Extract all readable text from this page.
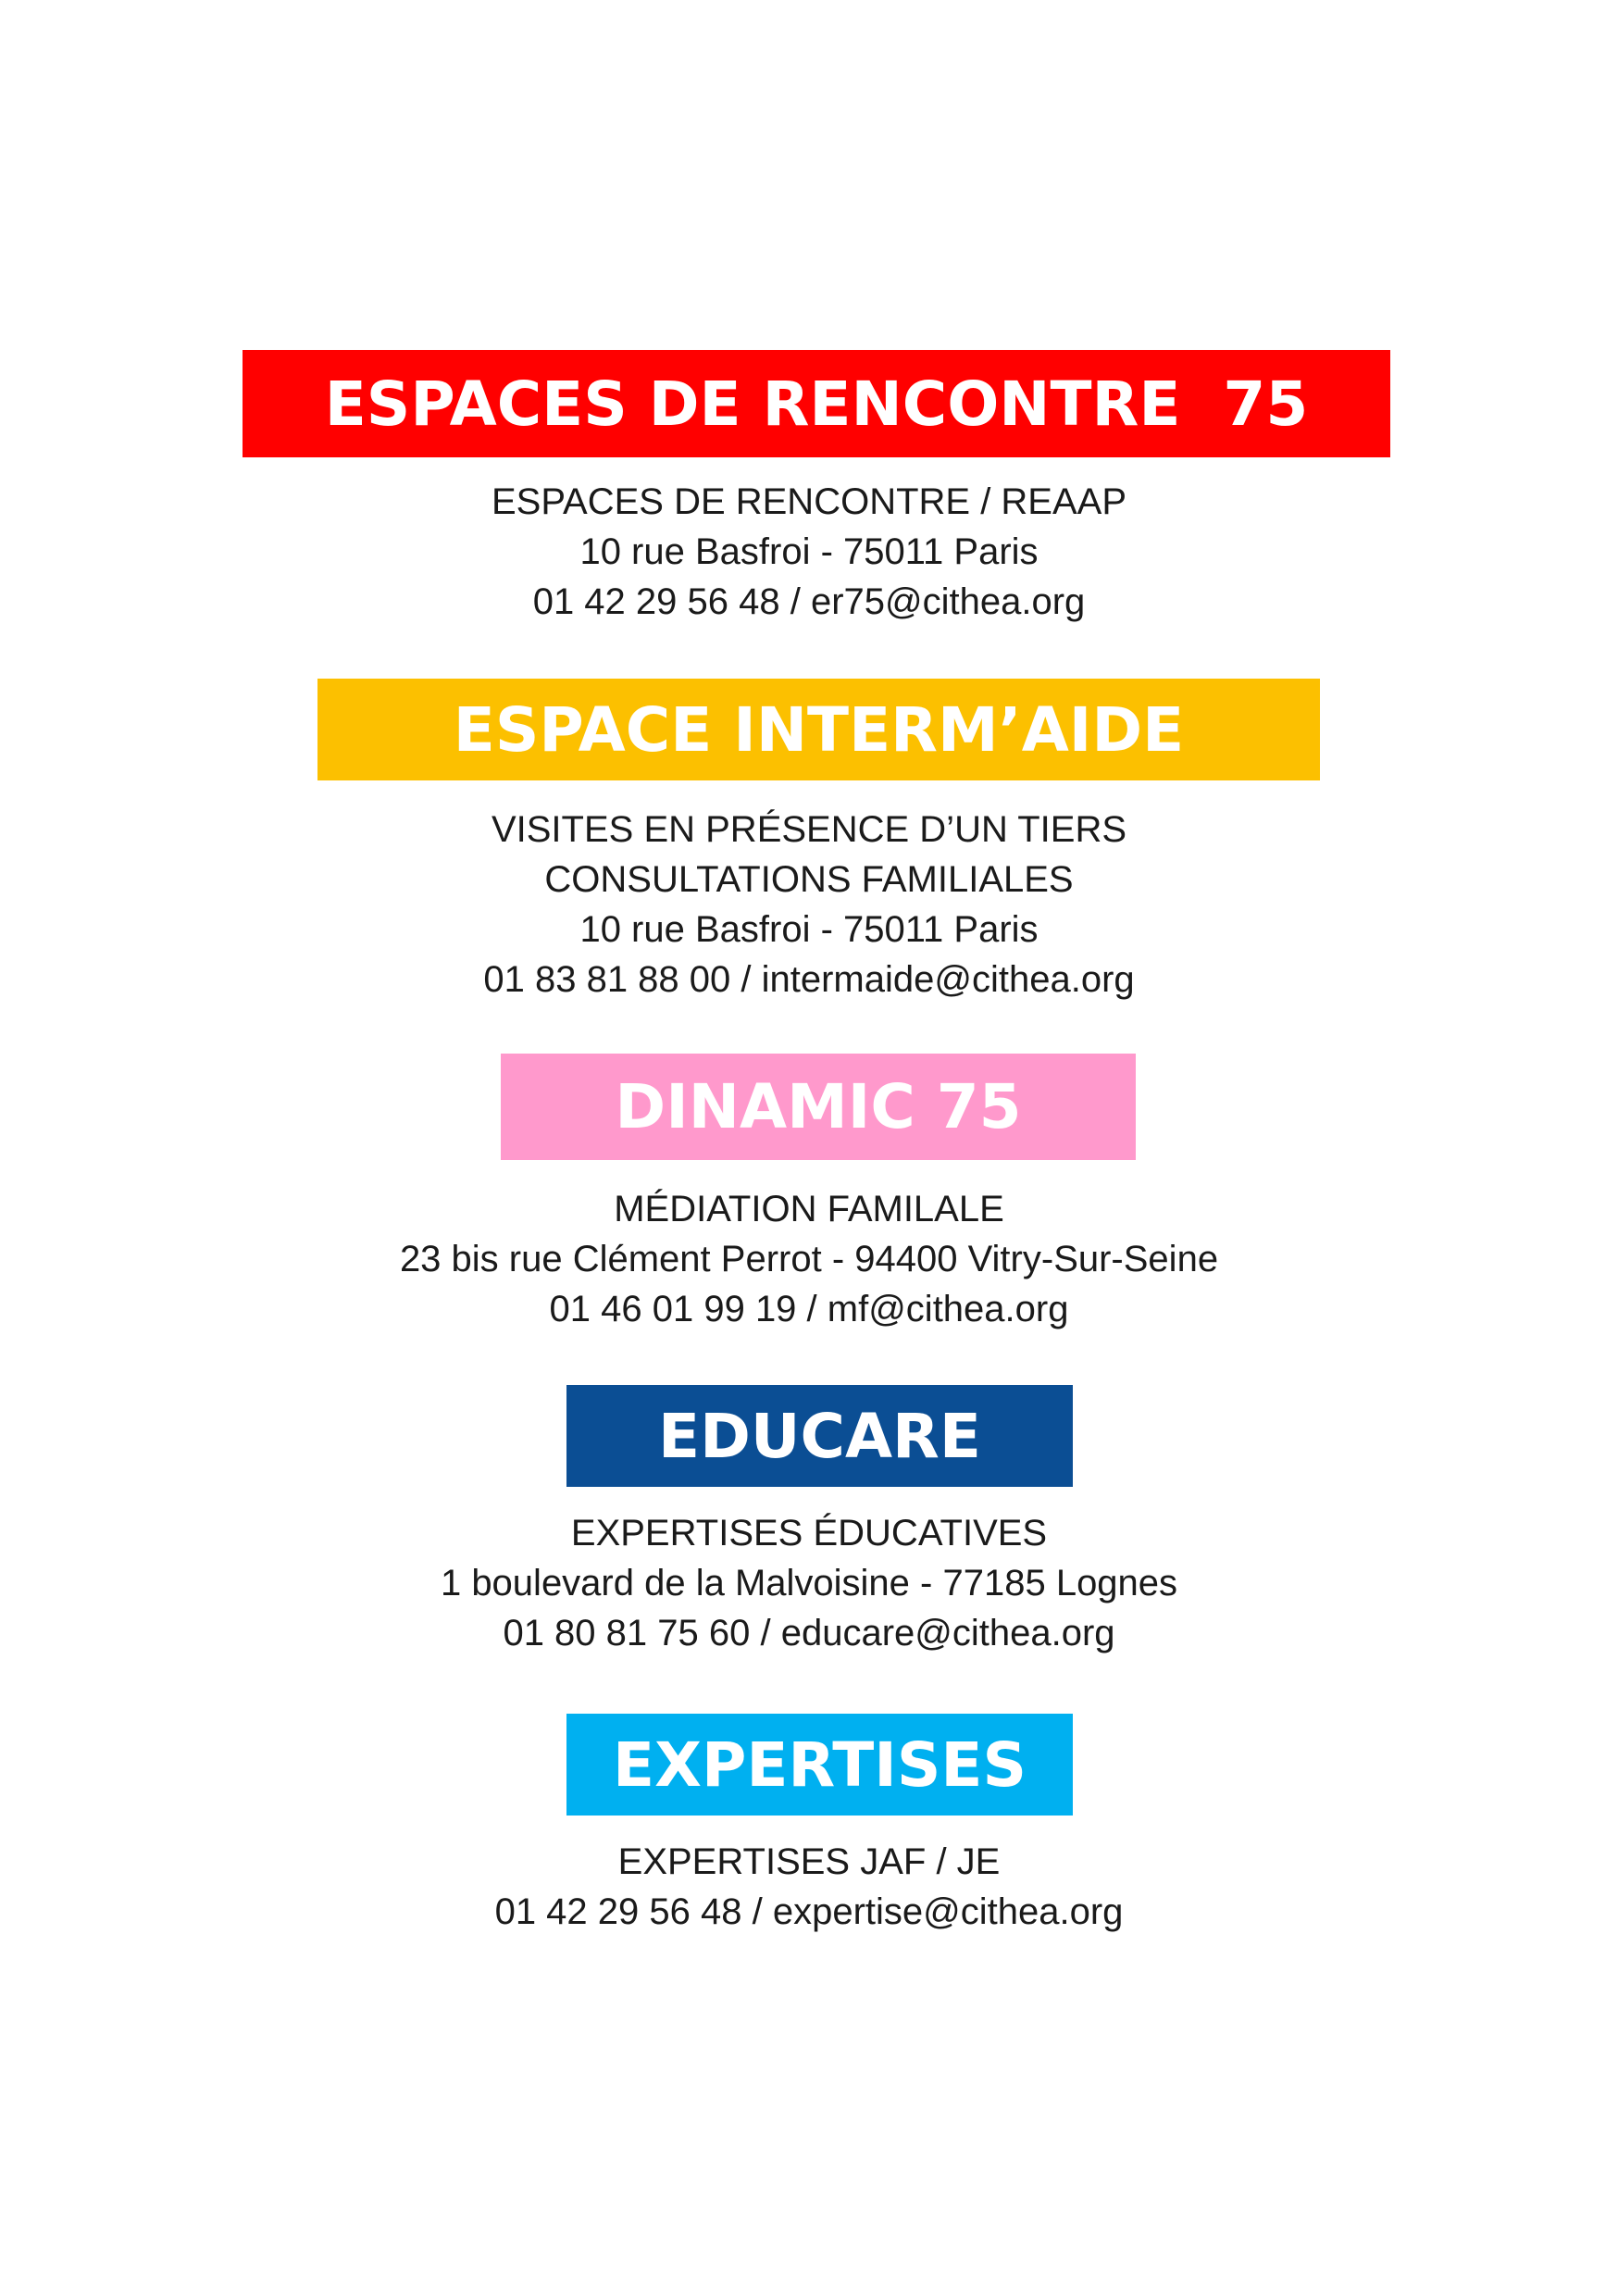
ESPACES DE RENCONTRE  75
ESPACES DE RENCONTRE / REAAP
10 rue Basfroi - 75011 Paris
01 42 29 56 48 / er75@cithea.org
ESPACE INTERM’AIDE
VISITES EN PRÉSENCE D’UN TIERS
CONSULTATIONS FAMILIALES
10 rue Basfroi - 75011 Paris
01 83 81 88 00 / intermaide@cithea.org
DINAMIC 75
MÉDIATION FAMILALE
23 bis rue Clément Perrot - 94400 Vitry-Sur-Seine
01 46 01 99 19 / mf@cithea.org
EDUCARE
EXPERTISES ÉDUCATIVES
1 boulevard de la Malvoisine - 77185 Lognes
01 80 81 75 60 / educare@cithea.org
EXPERTISES
EXPERTISES JAF / JE
01 42 29 56 48 / expertise@cithea.org
